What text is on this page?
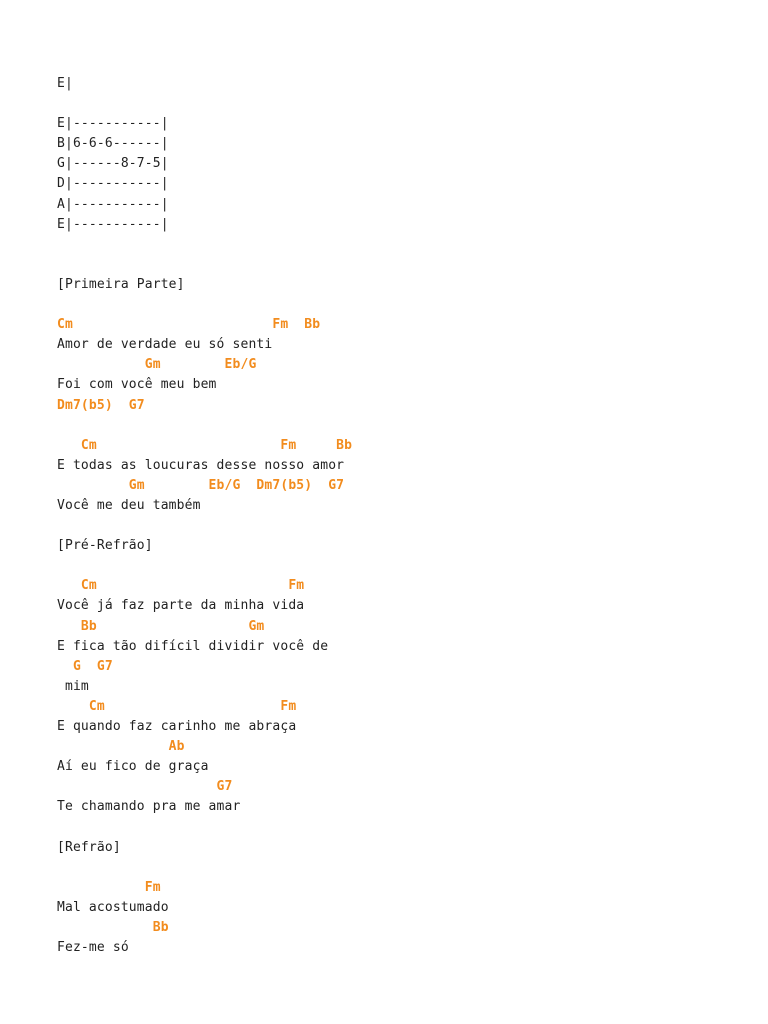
E|
E|-----------|
B|6-6-6------|
G|------8-7-5|
D|-----------|
A|-----------|
E|-----------|
[Primeira Parte]
Cm                         Fm  Bb
Amor de verdade eu só senti
Gm        Eb/G
Foi com você meu bem
Dm7(b5)  G7
Cm                       Fm     Bb
E todas as loucuras desse nosso amor
Gm        Eb/G  Dm7(b5)  G7
Você me deu também
[Pré-Refrão]
Cm                        Fm
Você já faz parte da minha vida
Bb                   Gm
E fica tão difícil dividir você de
G  G7
mim
Cm                      Fm
E quando faz carinho me abraça
Ab
Aí eu fico de graça
G7
Te chamando pra me amar
[Refrão]
Fm
Mal acostumado
Bb
Fez-me só
